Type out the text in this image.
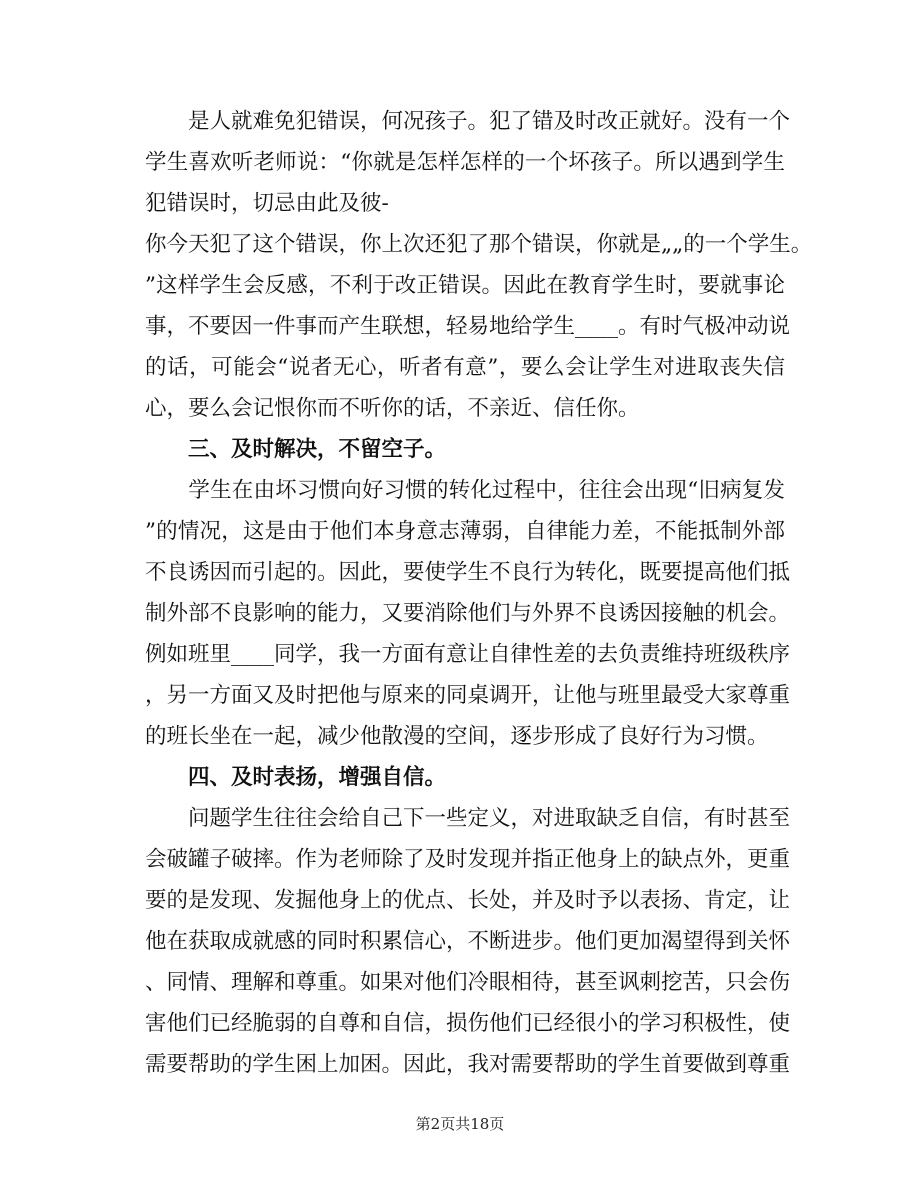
　　是人就难免犯错误，何况孩子。犯了错及时改正就好。没有一个
学生喜欢听老师说：“你就是怎样怎样的一个坏孩子。所以遇到学生
犯错误时，切忌由此及彼-
你今天犯了这个错误，你上次还犯了那个错误，你就是„„的一个学生。
”这样学生会反感，不利于改正错误。因此在教育学生时，要就事论
事，不要因一件事而产生联想，轻易地给学生____。有时气极冲动说
的话，可能会“说者无心，听者有意”，要么会让学生对进取丧失信
心，要么会记恨你而不听你的话，不亲近、信任你。
　　三、及时解决，不留空子。
　　学生在由坏习惯向好习惯的转化过程中，往往会出现“旧病复发
”的情况，这是由于他们本身意志薄弱，自律能力差，不能抵制外部
不良诱因而引起的。因此，要使学生不良行为转化，既要提高他们抵
制外部不良影响的能力，又要消除他们与外界不良诱因接触的机会。
例如班里____同学，我一方面有意让自律性差的去负责维持班级秩序
，另一方面又及时把他与原来的同桌调开，让他与班里最受大家尊重
的班长坐在一起，减少他散漫的空间，逐步形成了良好行为习惯。
　　四、及时表扬，增强自信。
　　问题学生往往会给自己下一些定义，对进取缺乏自信，有时甚至
会破罐子破摔。作为老师除了及时发现并指正他身上的缺点外，更重
要的是发现、发掘他身上的优点、长处，并及时予以表扬、肯定，让
他在获取成就感的同时积累信心，不断进步。他们更加渴望得到关怀
、同情、理解和尊重。如果对他们冷眼相待，甚至讽刺挖苦，只会伤
害他们已经脆弱的自尊和自信，损伤他们已经很小的学习积极性，使
需要帮助的学生困上加困。因此，我对需要帮助的学生首要做到尊重
第2页共18页
